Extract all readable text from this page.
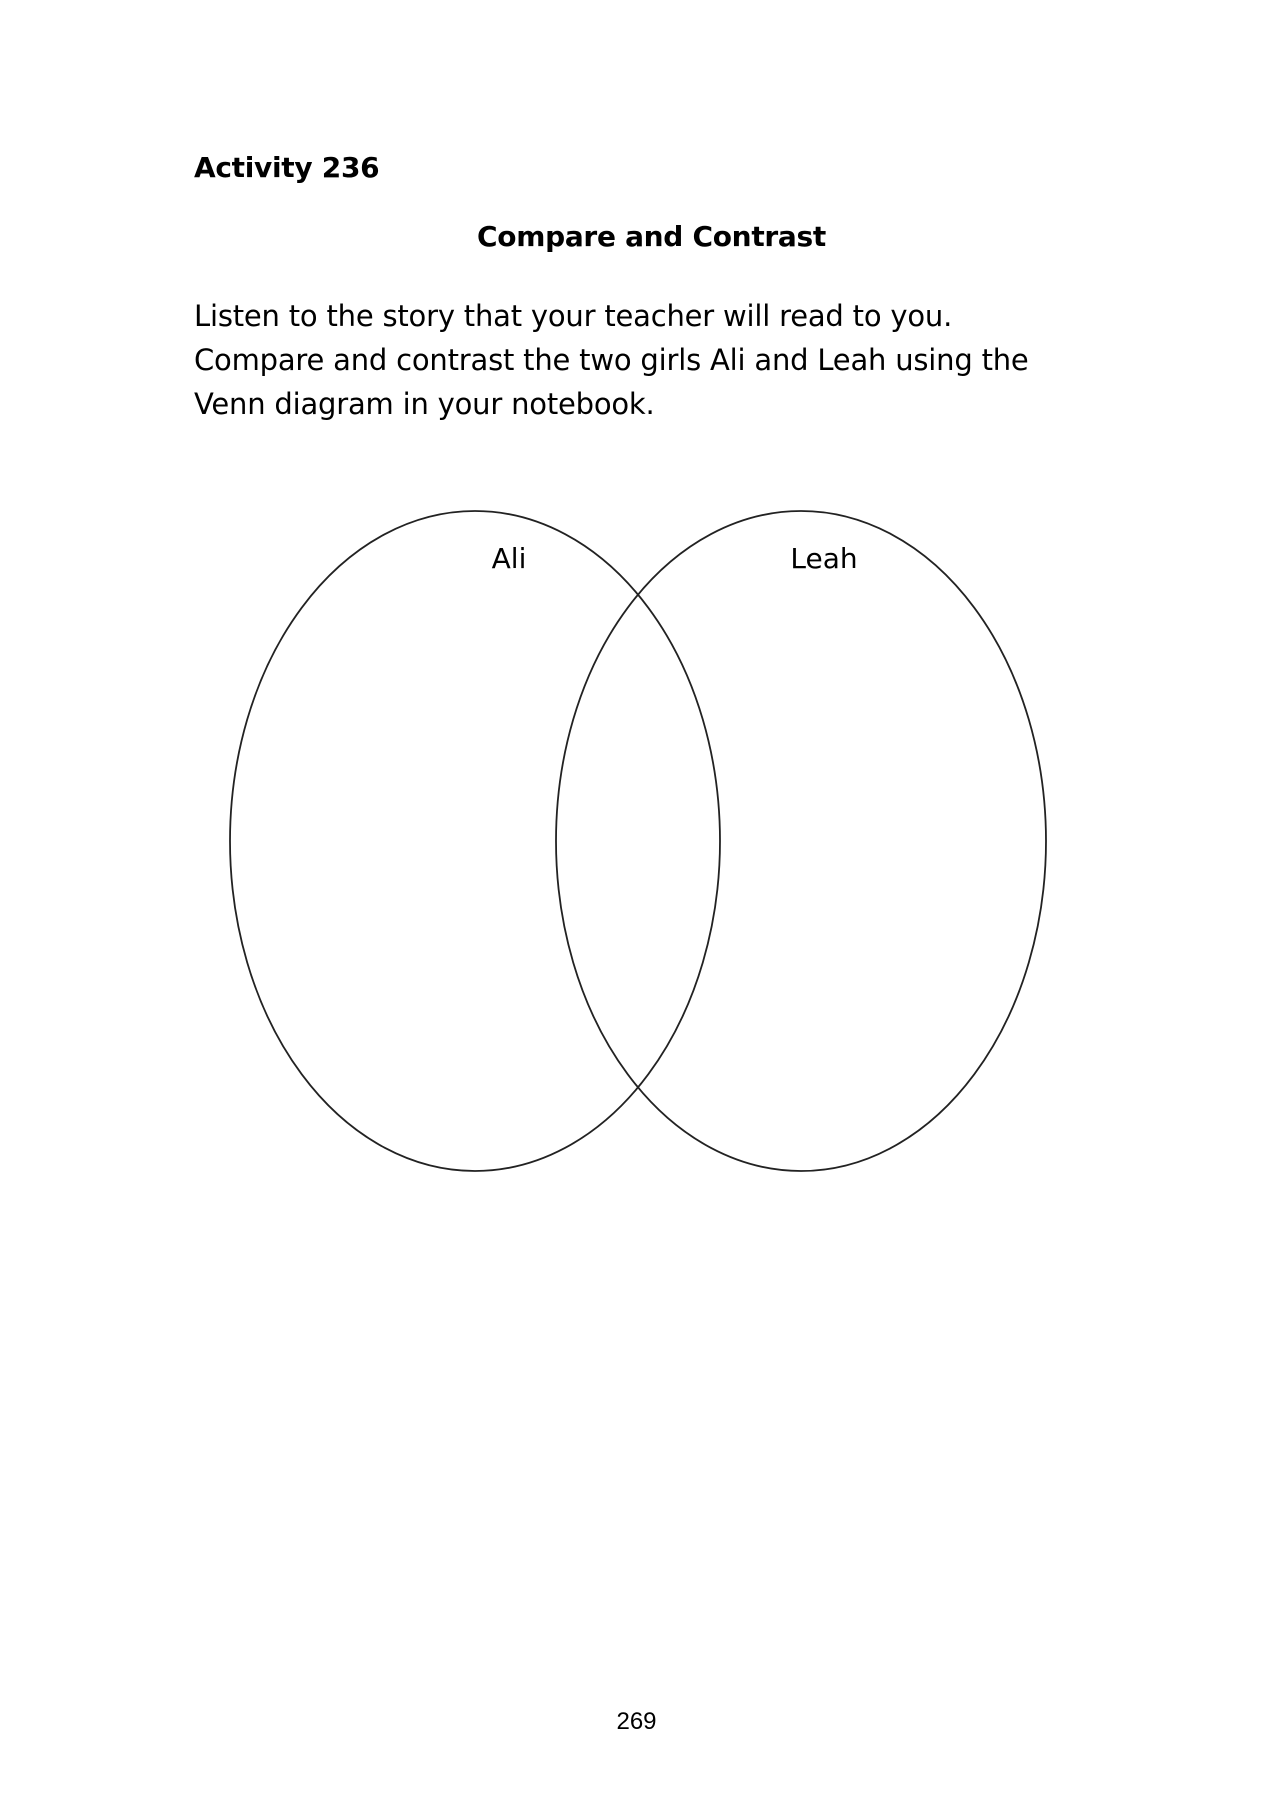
Activity 236
Compare and Contrast
Listen to the story that your teacher will read to you.
Compare and contrast the two girls Ali and Leah using the
Venn diagram in your notebook.
Ali	Leah
269
